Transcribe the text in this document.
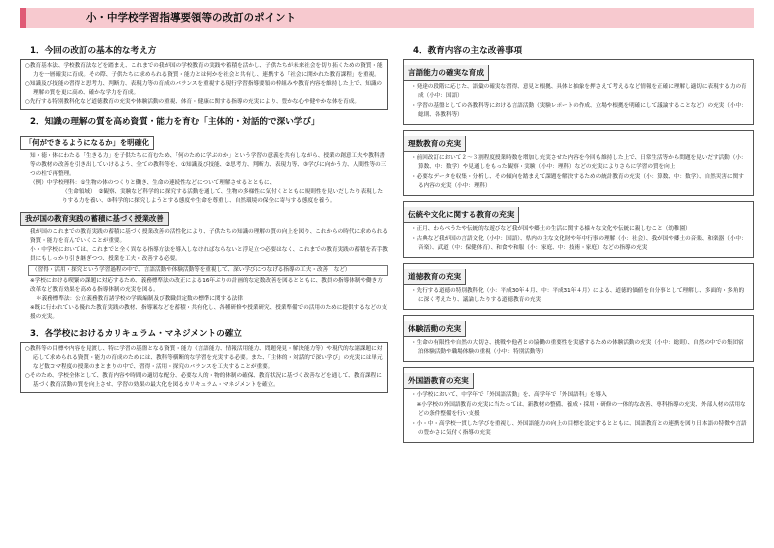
小・中学校学習指導要領等の改訂のポイント
1．今回の改訂の基本的な考え方
○教育基本法、学校教育法などを踏まえ、これまでの我が国の学校教育の実践や蓄積を活かし、子供たちが未来社会を切り拓くための資質・能力を一層確実に育成。その際、子供たちに求められる資質・能力とは何かを社会と共有し、連携する「社会に開かれた教育課程」を重視。
○知識及び技能の習得と思考力、判断力、表現力等の育成のバランスを重視する現行学習指導要領の枠組みや教育内容を維持した上で、知識の理解の質を更に高め、確かな学力を育成。
○先行する特別教科化など道徳教育の充実や体験活動の重視、体育・健康に関する指導の充実により、豊かな心や健やかな体を育成。
2．知識の理解の質を高め資質・能力を育む「主体的・対話的で深い学び」
「何ができるようになるか」を明確化
知・徳・体にわたる「生きる力」を子供たちに育むため、「何のために学ぶのか」という学習の意義を共有しながら、授業の創意工夫や教科書等の教材の改善を引き出していけるよう、全ての教科等を、①知識及び技能、②思考力、判断力、表現力等、③学びに向かう力、人間性等の三つの柱で再整理。
（例）中学校理科：①生物の体のつくりと働き、生命の連続性などについて理解させるとともに、
（生命領域）　②観察、実験など科学的に探究する活動を通して、生物の多様性に気付くとともに規則性を見いだしたり表現したりする力を養い、③科学的に探究しようとする態度や生命を尊重し、自然環境の保全に寄与する態度を養う。
我が国の教育実践の蓄積に基づく授業改善
我が国のこれまでの教育実践の蓄積に基づく授業改善の活性化により、子供たちの知識の理解の質の向上を図り、これからの時代に求められる資質・能力を育んでいくことが重要。
小・中学校においては、これまでと全く異なる指導方法を導入しなければならないと浮足立つ必要はなく、これまでの教育実践の蓄積を若手教員にもしっかり引き継ぎつつ、授業を工夫・改善する必要。
（習得・活用・探究という学習過程の中で、言語活動や体験活動等を重視して、深い学びにつなげる指導の工夫・改善　など）
※学校における喫緊の課題に対応するため、義務標準法の改正による16年ぶりの計画的な定数改善を図るとともに、教員の指導体制や働き方改革など教育効果を高める指導体制の充実を図る。
＊義務標準法：公立義務教育諸学校の学級編制及び教職員定数の標準に関する法律
※既に行われている優れた教育実践の教材、指導案などを蓄積・共有化し、各種研修や授業研究、授業準備での活用のために提供するなどの支援の充実。
3．各学校におけるカリキュラム・マネジメントの確立
○教科等の目標や内容を見渡し、特に学習の基盤となる資質・能力（言語能力、情報活用能力、問題発見・解決能力等）や現代的な諸課題に対応して求められる資質・能力の育成のためには、教科等横断的な学習を充実する必要。また、「主体的・対話的で深い学び」の充実には単元など数コマ程度の授業のまとまりの中で、習得・活用・探究のバランスを工夫することが重要。
○そのため、学校全体として、教育内容や時間の適切な配分、必要な人的・物的体制の確保、教育状況に基づく改善などを通して、教育課程に基づく教育活動の質を向上させ、学習の効果の最大化を図るカリキュラム・マネジメントを確立。
4．教育内容の主な改善事項
言語能力の確実な育成
・発達の段階に応じた、語彙の確実な習得、意見と根拠、具体と抽象を押さえて考えるなど情報を正確に理解し適切に表現する力の育成（小中：国語）
・学習の基盤としての各教科等における言語活動（実験レポートの作成、立場や根拠を明確にして議論することなど）の充実（小中：総則、各教科等）
理数教育の充実
・前回改訂において２～３割程度授業時数を増加し充実させた内容を今回も維持した上で、日常生活等から問題を見いだす活動（小：算数、中：数学）や見通しをもった観察・実験（小中：理科）などの充実によりさらに学習の質を向上
・必要なデータを収集・分析し、その傾向を踏まえて課題を解決するための統計教育の充実（小：算数、中：数学）、自然災害に関する内容の充実（小中：理科）
伝統や文化に関する教育の充実
・正月、わらべうたや伝統的な遊びなど我が国や郷土の生活に関する様々な文化や伝統に親しむこと（幼稚園）
・古典など我が国の言語文化（小中：国語）、県内の主な文化財や年中行事の理解（小：社会）、我が国や郷土の音楽、和楽器（小中：音楽）、武道（中：保健体育）、和食や和服（小：家庭、中：技術・家庭）などの指導の充実
道徳教育の充実
・先行する道徳の特別教科化（小：平成30年４月、中：平成31年４月）による、道徳的価値を自分事として理解し、多面的・多角的に深く考えたり、議論したりする道徳教育の充実
体験活動の充実
・生命の有限性や自然の大切さ、挑戦や他者との協働の重要性を実感するための体験活動の充実（小中：総則）、自然の中での集団宿泊体験活動や職場体験の重視（小中：特別活動等）
外国語教育の充実
・小学校において、中学年で「外国語活動」を、高学年で「外国語科」を導入
　※小学校の外国語教育の充実に当たっては、新教材の整備、養成・採用・研修の一体的な改善、専科指導の充実、外部人材の活用などの条件整備を行い支援
・小・中・高学校一貫した学びを重視し、外国語能力の向上の目標を設定するとともに、国語教育との連携を図り日本語の特徴や言語の豊かさに気付く指導の充実
